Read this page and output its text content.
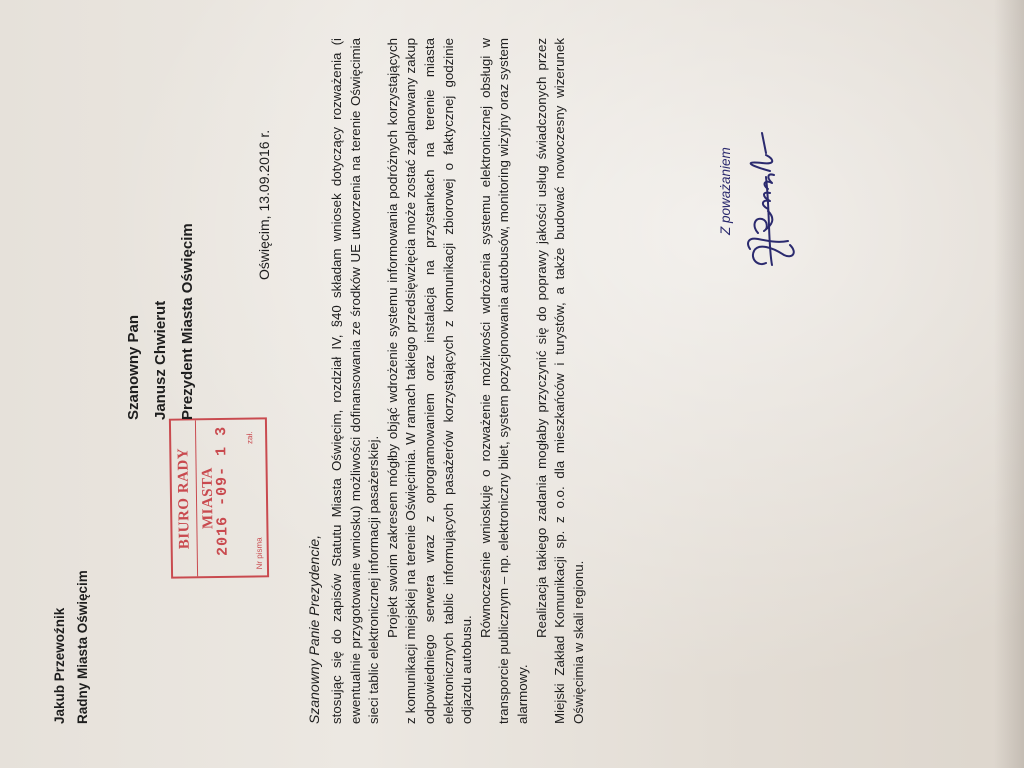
Jakub Przewoźnik Radny Miasta Oświęcim
BIURO RADY MIASTA
2016 -09- 1 3 zał.
Nr pisma
Szanowny Pan Janusz Chwierut Prezydent Miasta Oświęcim
Oświęcim, 13.09.2016 r.
Szanowny Panie Prezydencie, stosując się do zapisów Statutu Miasta Oświęcim, rozdział IV, §40 składam wniosek dotyczący rozważenia (i ewentualnie przygotowanie wniosku) możliwości dofinansowania ze środków UE utworzenia na terenie Oświęcimia sieci tablic elektronicznej informacji pasażerskiej. Projekt swoim zakresem mógłby objąć wdrożenie systemu informowania podróżnych korzystających z komunikacji miejskiej na terenie Oświęcimia. W ramach takiego przedsięwzięcia może zostać zaplanowany zakup odpowiedniego serwera wraz z oprogramowaniem oraz instalacja na przystankach na terenie miasta elektronicznych tablic informujących pasażerów korzystających z komunikacji zbiorowej o faktycznej godzinie odjazdu autobusu.

Równocześnie wnioskuję o rozważenie możliwości wdrożenia systemu elektronicznej obsługi w transporcie publicznym – np. elektroniczny bilet, system pozycjonowania autobusów, monitoring wizyjny oraz system alarmowy.

Realizacja takiego zadania mogłaby przyczynić się do poprawy jakości usług świadczonych przez Miejski Zakład Komunikacji sp. z o.o. dla mieszkańców i turystów, a także budować nowoczesny wizerunek Oświęcimia w skali regionu.

Z poważaniem
